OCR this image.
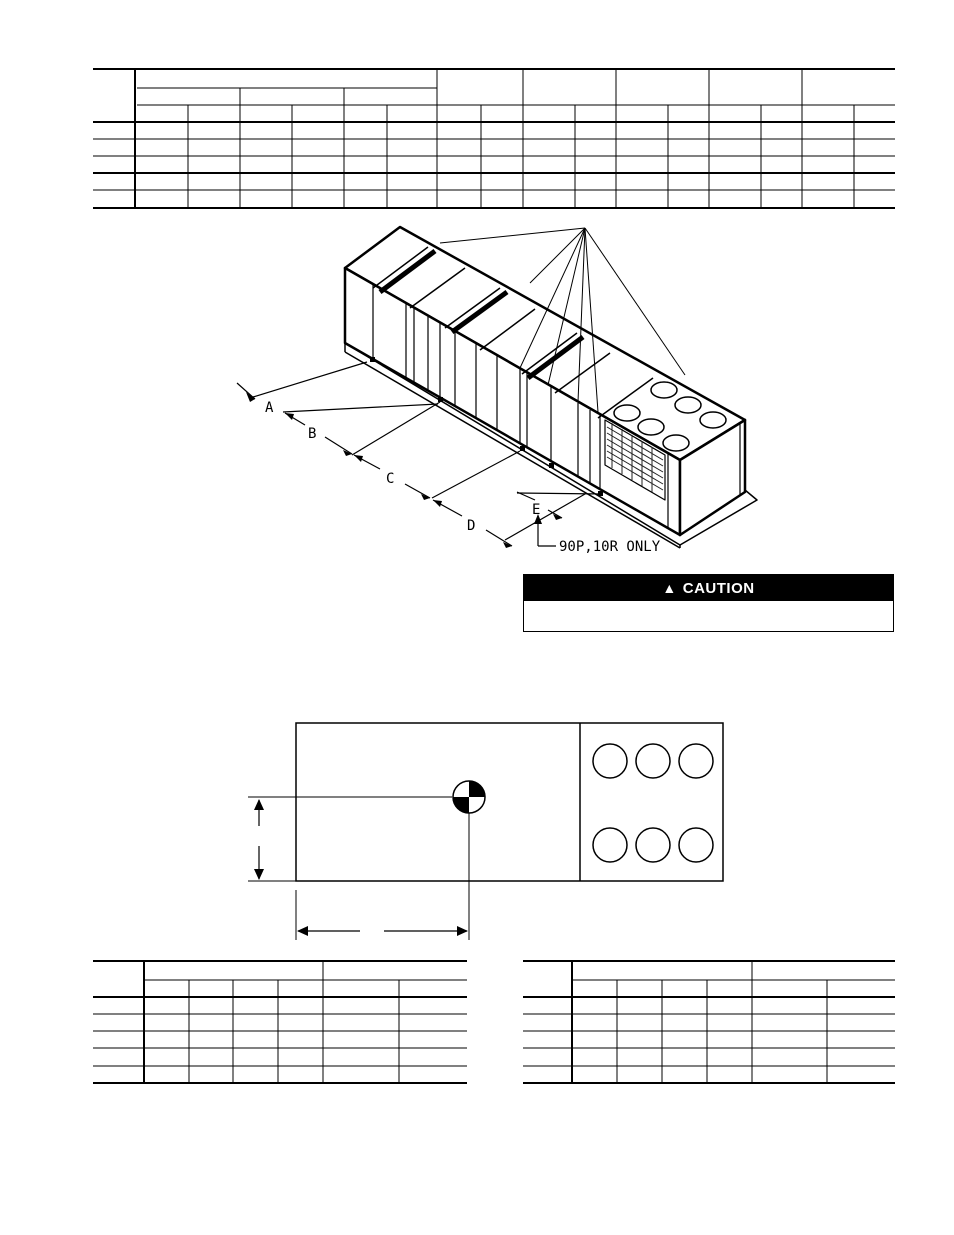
A
B
C
D
E
90P,10R ONLY
▲ CAUTION
